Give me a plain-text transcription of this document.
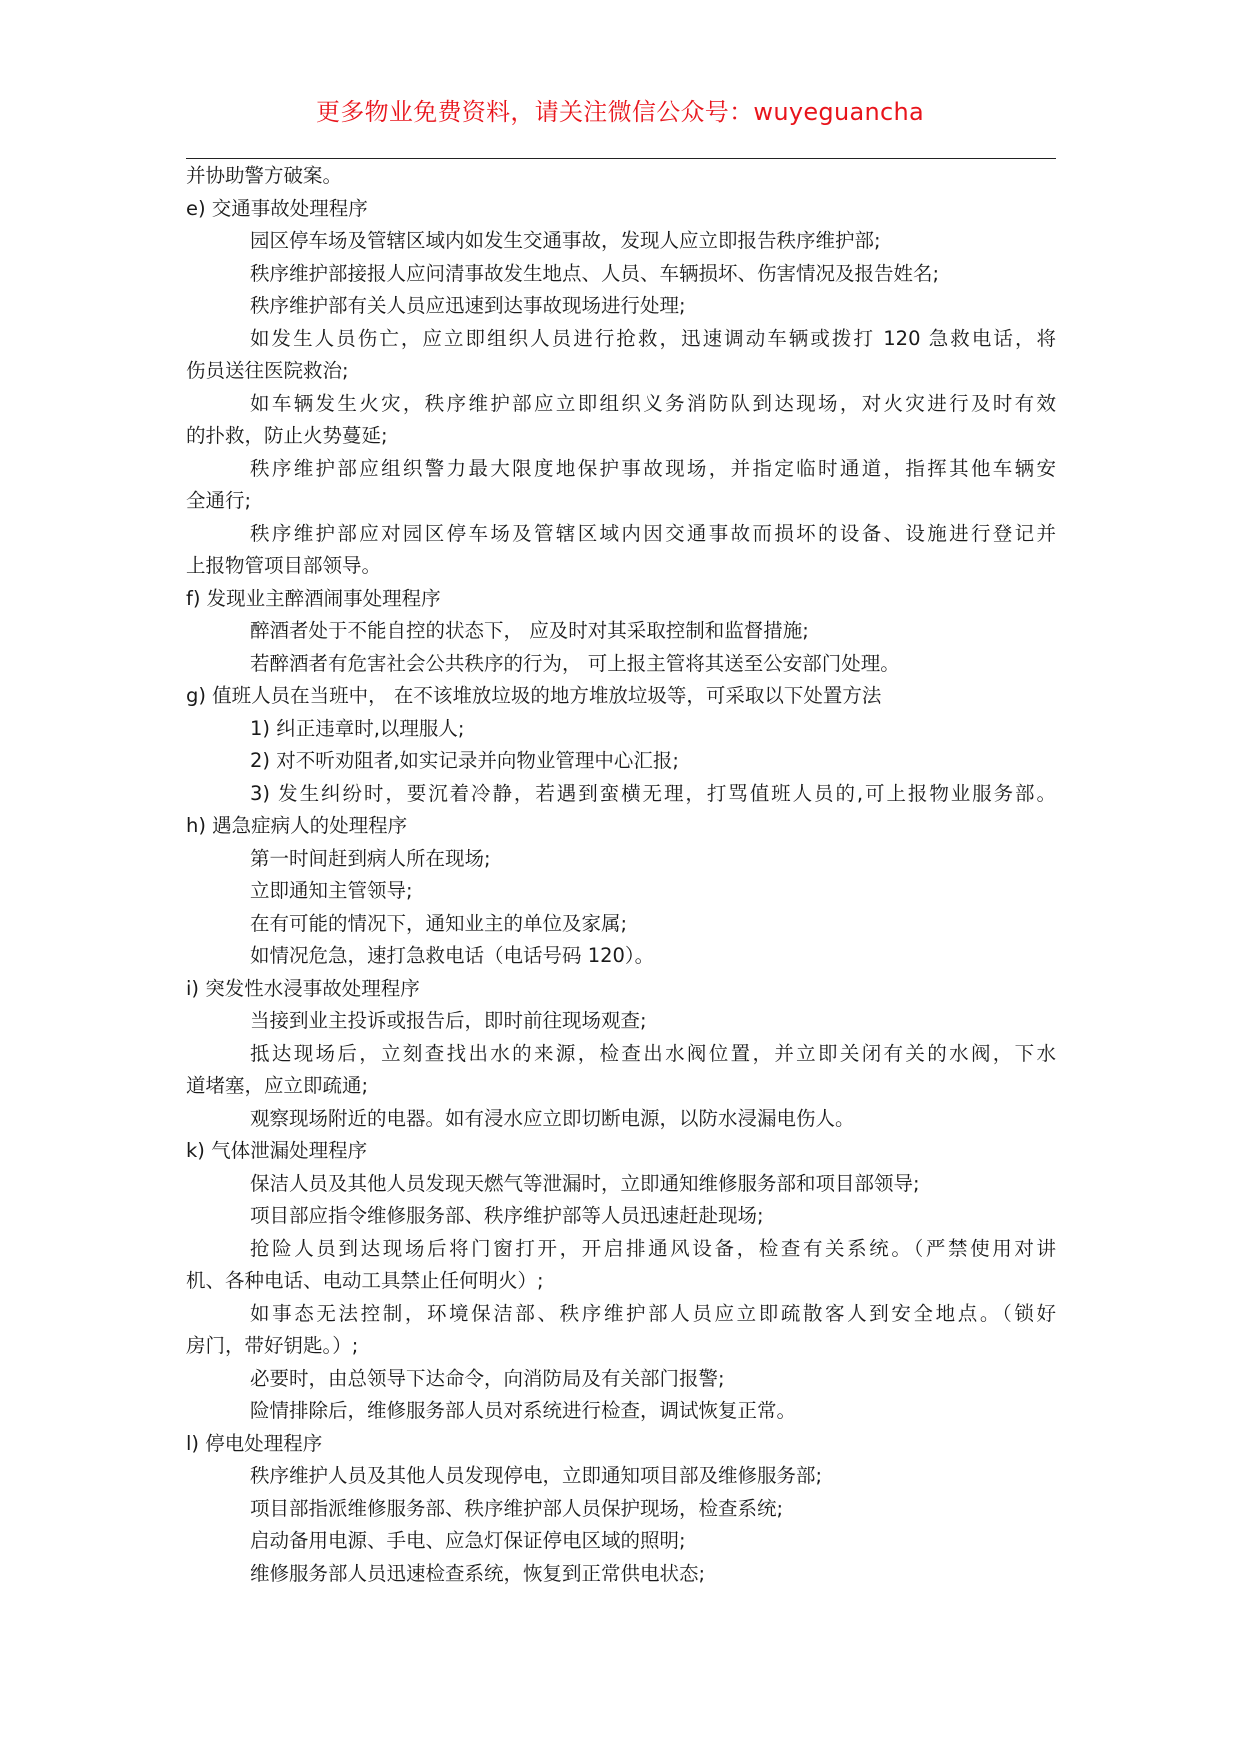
更多物业免费资料，请关注微信公众号：wuyeguancha
并协助警方破案。
e) 交通事故处理程序
园区停车场及管辖区域内如发生交通事故，发现人应立即报告秩序维护部;
秩序维护部接报人应问清事故发生地点、人员、车辆损坏、伤害情况及报告姓名;
秩序维护部有关人员应迅速到达事故现场进行处理;
如发生人员伤亡，应立即组织人员进行抢救，迅速调动车辆或拨打 120 急救电话，将
伤员送往医院救治;
如车辆发生火灾，秩序维护部应立即组织义务消防队到达现场，对火灾进行及时有效
的扑救，防止火势蔓延;
秩序维护部应组织警力最大限度地保护事故现场，并指定临时通道，指挥其他车辆安
全通行;
秩序维护部应对园区停车场及管辖区域内因交通事故而损坏的设备、设施进行登记并
上报物管项目部领导。
f) 发现业主醉酒闹事处理程序
醉酒者处于不能自控的状态下， 应及时对其采取控制和监督措施;
若醉酒者有危害社会公共秩序的行为， 可上报主管将其送至公安部门处理。
g) 值班人员在当班中， 在不该堆放垃圾的地方堆放垃圾等，可采取以下处置方法
1) 纠正违章时,以理服人;
2) 对不听劝阻者,如实记录并向物业管理中心汇报;
3) 发生纠纷时，要沉着冷静，若遇到蛮横无理，打骂值班人员的,可上报物业服务部。
h) 遇急症病人的处理程序
第一时间赶到病人所在现场;
立即通知主管领导;
在有可能的情况下，通知业主的单位及家属;
如情况危急，速打急救电话（电话号码 120）。
i) 突发性水浸事故处理程序
当接到业主投诉或报告后，即时前往现场观查;
抵达现场后，立刻查找出水的来源，检查出水阀位置，并立即关闭有关的水阀，下水
道堵塞，应立即疏通;
观察现场附近的电器。如有浸水应立即切断电源，以防水浸漏电伤人。
k) 气体泄漏处理程序
保洁人员及其他人员发现天燃气等泄漏时，立即通知维修服务部和项目部领导;
项目部应指令维修服务部、秩序维护部等人员迅速赶赴现场;
抢险人员到达现场后将门窗打开，开启排通风设备，检查有关系统。（严禁使用对讲
机、各种电话、电动工具禁止任何明火）;
如事态无法控制，环境保洁部、秩序维护部人员应立即疏散客人到安全地点。（锁好
房门，带好钥匙。）;
必要时，由总领导下达命令，向消防局及有关部门报警;
险情排除后，维修服务部人员对系统进行检查，调试恢复正常。
l) 停电处理程序
秩序维护人员及其他人员发现停电，立即通知项目部及维修服务部;
项目部指派维修服务部、秩序维护部人员保护现场，检查系统;
启动备用电源、手电、应急灯保证停电区域的照明;
维修服务部人员迅速检查系统，恢复到正常供电状态;
